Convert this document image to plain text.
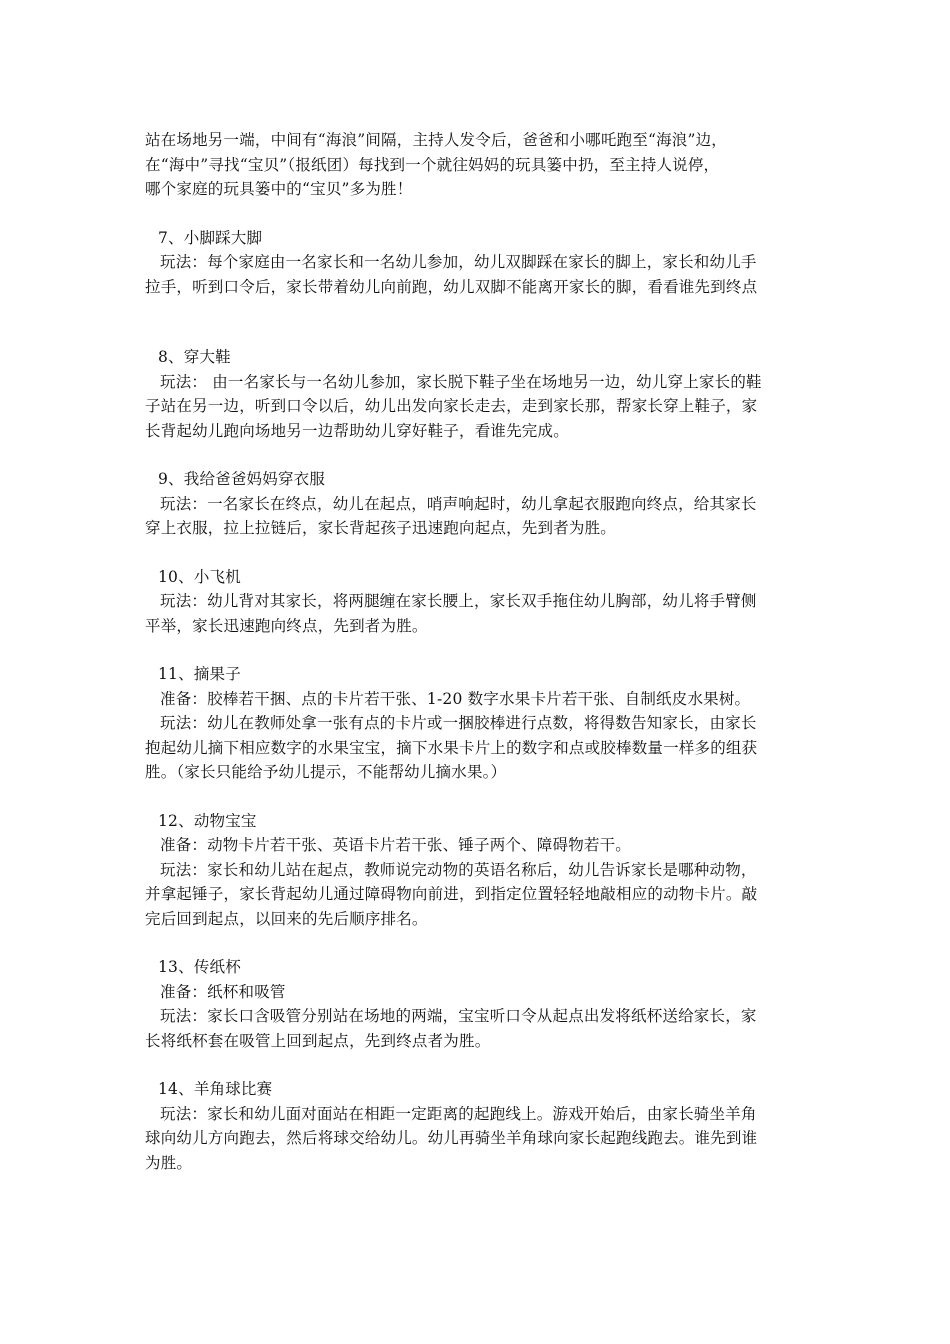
站在场地另一端，中间有“海浪”间隔，主持人发令后，爸爸和小哪吒跑至“海浪”边，
在“海中”寻找“宝贝”（报纸团）每找到一个就往妈妈的玩具篓中扔，至主持人说停，
哪个家庭的玩具篓中的“宝贝”多为胜！
7、小脚踩大脚
玩法：每个家庭由一名家长和一名幼儿参加，幼儿双脚踩在家长的脚上，家长和幼儿手
拉手，听到口令后，家长带着幼儿向前跑，幼儿双脚不能离开家长的脚，看看谁先到终点
8、穿大鞋
玩法： 由一名家长与一名幼儿参加，家长脱下鞋子坐在场地另一边，幼儿穿上家长的鞋
子站在另一边，听到口令以后，幼儿出发向家长走去，走到家长那，帮家长穿上鞋子，家
长背起幼儿跑向场地另一边帮助幼儿穿好鞋子，看谁先完成。
9、我给爸爸妈妈穿衣服
玩法：一名家长在终点，幼儿在起点，哨声响起时，幼儿拿起衣服跑向终点，给其家长
穿上衣服，拉上拉链后，家长背起孩子迅速跑向起点，先到者为胜。
10、小飞机
玩法：幼儿背对其家长，将两腿缠在家长腰上，家长双手拖住幼儿胸部，幼儿将手臂侧
平举，家长迅速跑向终点，先到者为胜。
11、摘果子
准备：胶棒若干捆、点的卡片若干张、1-20 数字水果卡片若干张、自制纸皮水果树。
玩法：幼儿在教师处拿一张有点的卡片或一捆胶棒进行点数，将得数告知家长，由家长
抱起幼儿摘下相应数字的水果宝宝，摘下水果卡片上的数字和点或胶棒数量一样多的组获
胜。（家长只能给予幼儿提示，不能帮幼儿摘水果。）
12、动物宝宝
准备：动物卡片若干张、英语卡片若干张、锤子两个、障碍物若干。
玩法：家长和幼儿站在起点，教师说完动物的英语名称后，幼儿告诉家长是哪种动物，
并拿起锤子，家长背起幼儿通过障碍物向前进，到指定位置轻轻地敲相应的动物卡片。敲
完后回到起点，以回来的先后顺序排名。
13、传纸杯
准备：纸杯和吸管
玩法：家长口含吸管分别站在场地的两端，宝宝听口令从起点出发将纸杯送给家长，家
长将纸杯套在吸管上回到起点，先到终点者为胜。
14、羊角球比赛
玩法：家长和幼儿面对面站在相距一定距离的起跑线上。游戏开始后，由家长骑坐羊角
球向幼儿方向跑去，然后将球交给幼儿。幼儿再骑坐羊角球向家长起跑线跑去。谁先到谁
为胜。
